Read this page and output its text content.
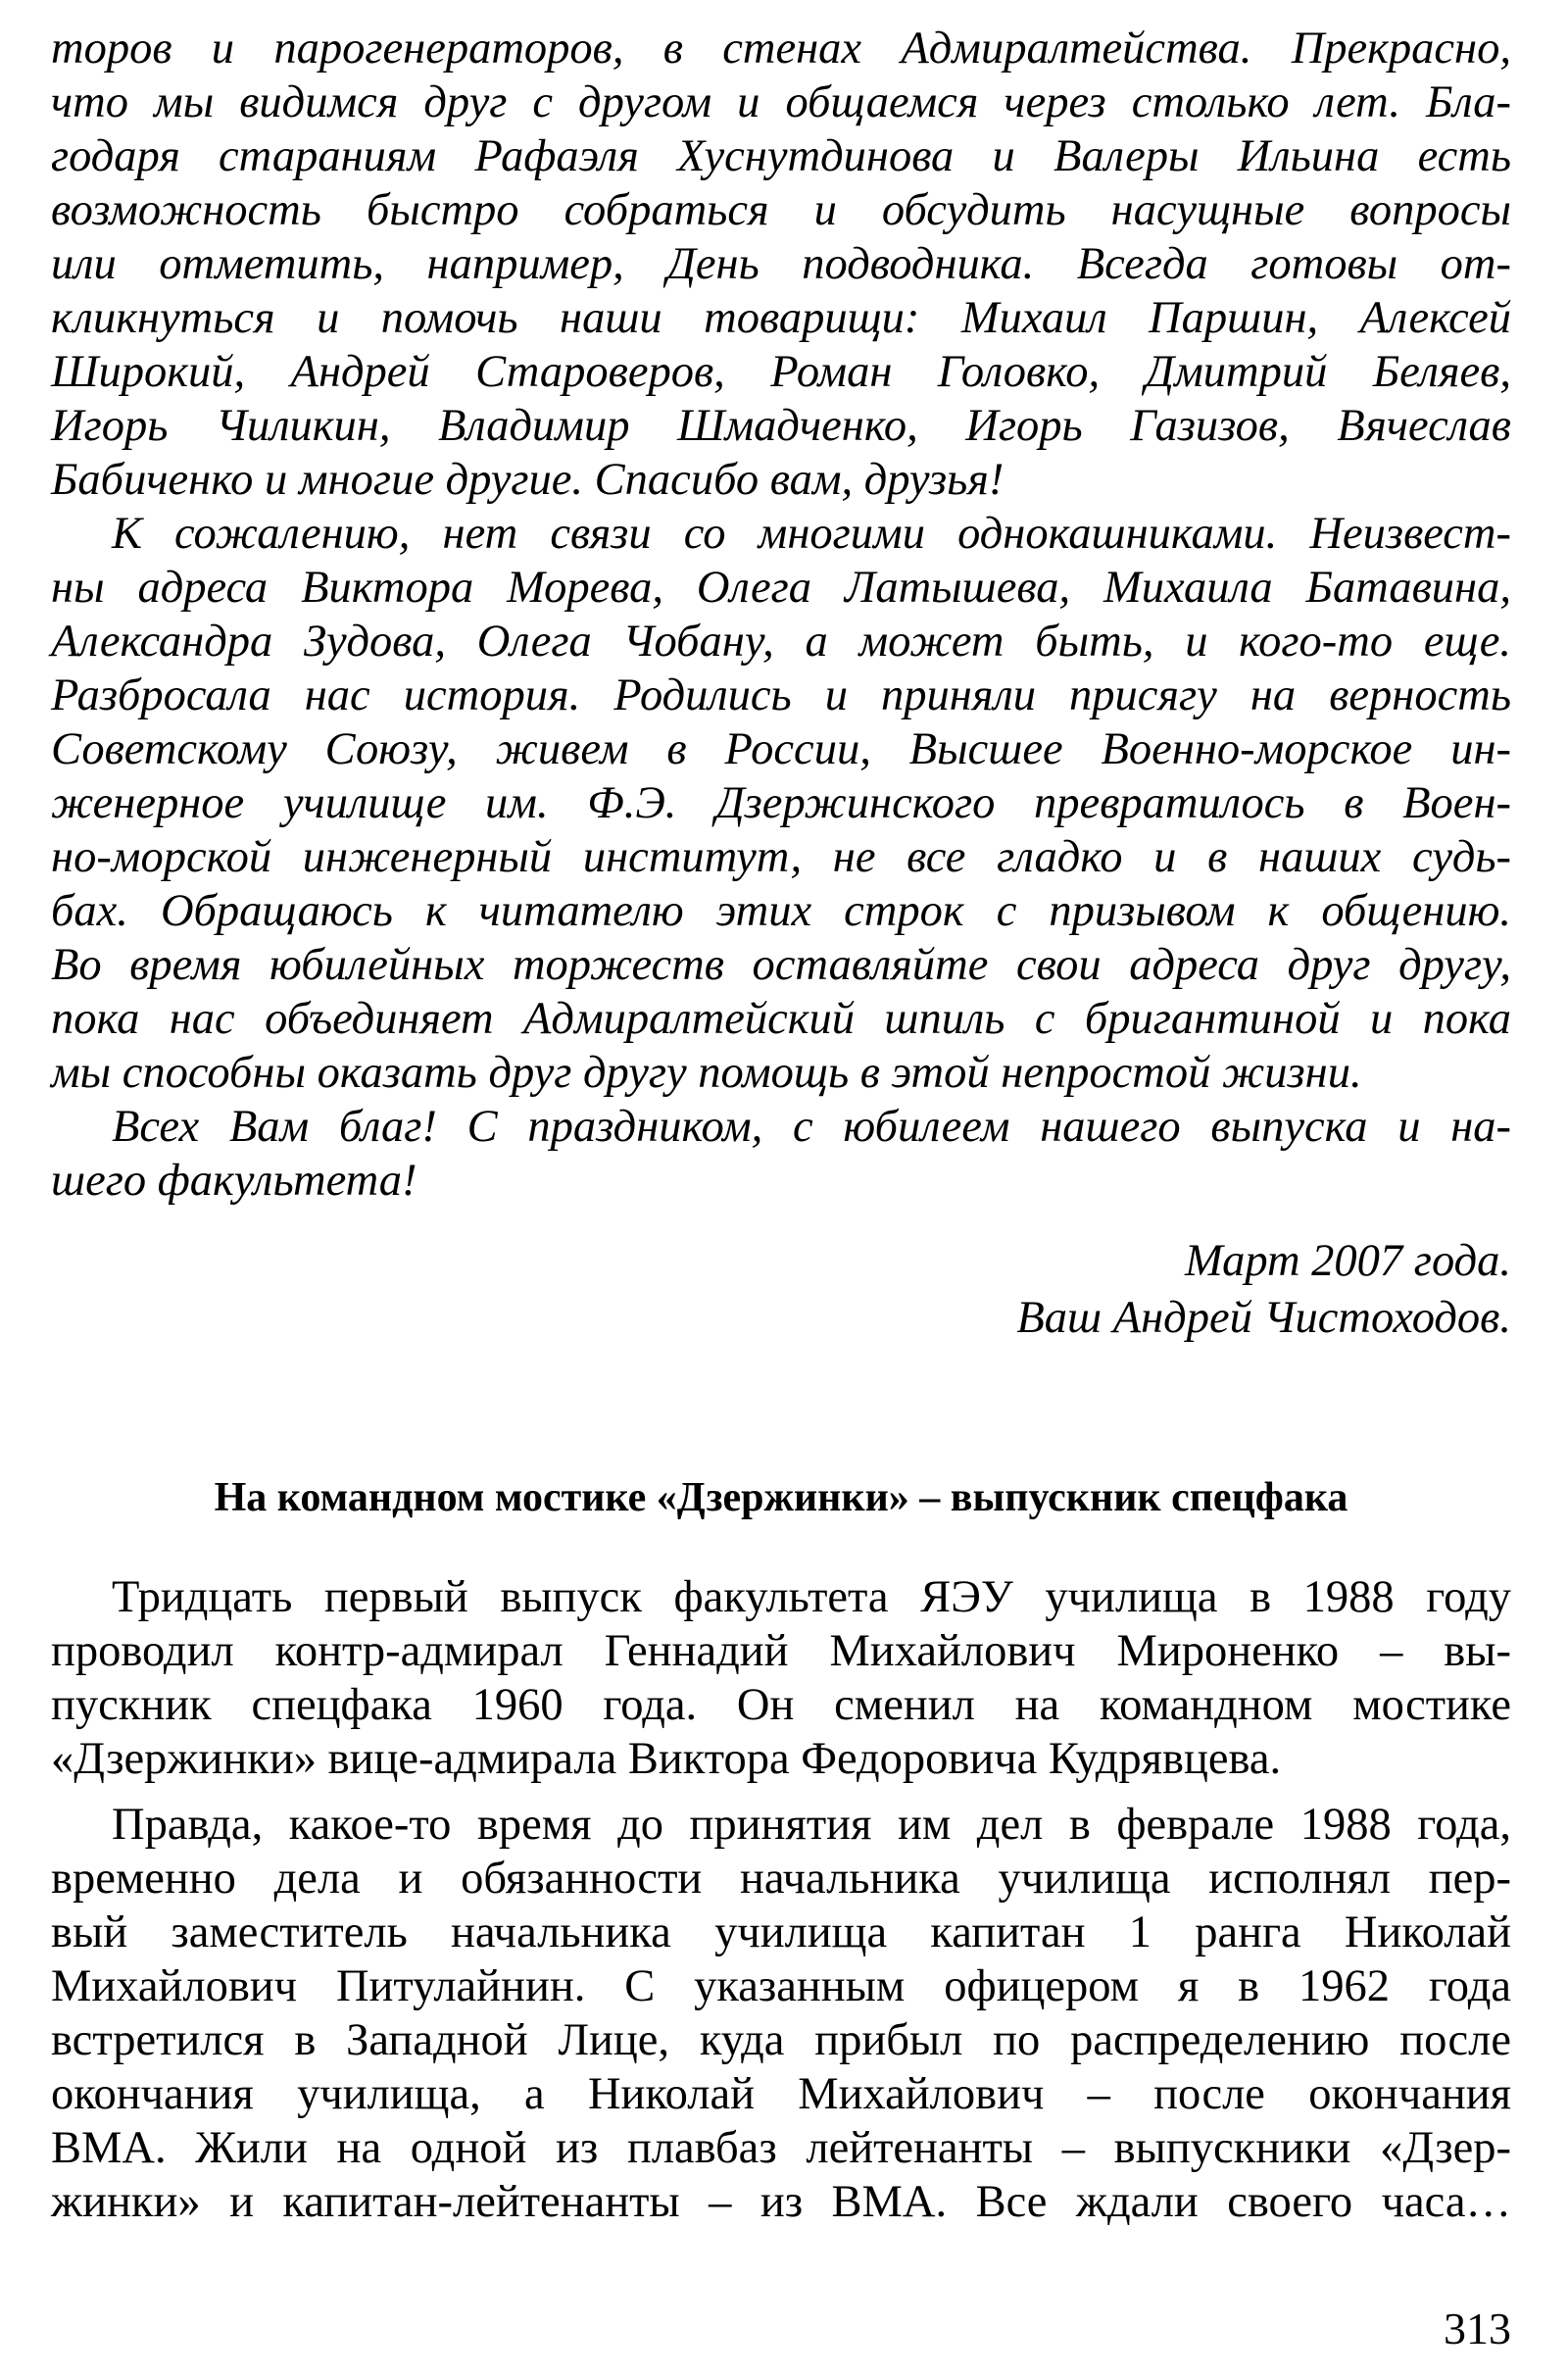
торов и парогенераторов, в стенах Адмиралтейства. Прекрасно,
что мы видимся друг с другом и общаемся через столько лет. Бла-
годаря стараниям Рафаэля Хуснутдинова и Валеры Ильина есть
возможность быстро собраться и обсудить насущные вопросы
или отметить, например, День подводника. Всегда готовы от-
кликнуться и помочь наши товарищи: Михаил Паршин, Алексей
Широкий, Андрей Староверов, Роман Головко, Дмитрий Беляев,
Игорь Чиликин, Владимир Шмадченко, Игорь Газизов, Вячеслав
Бабиченко и многие другие. Спасибо вам, друзья!
К сожалению, нет связи со многими однокашниками. Неизвест-
ны адреса Виктора Морева, Олега Латышева, Михаила Батавина,
Александра Зудова, Олега Чобану, а может быть, и кого-то еще.
Разбросала нас история. Родились и приняли присягу на верность
Советскому Союзу, живем в России, Высшее Военно-морское ин-
женерное училище им. Ф.Э. Дзержинского превратилось в Воен-
но-морской инженерный институт, не все гладко и в наших судь-
бах. Обращаюсь к читателю этих строк с призывом к общению.
Во время юбилейных торжеств оставляйте свои адреса друг другу,
пока нас объединяет Адмиралтейский шпиль с бригантиной и пока
мы способны оказать друг другу помощь в этой непростой жизни.
Всех Вам благ! С праздником, с юбилеем нашего выпуска и на-
шего факультета!
Март 2007 года.
Ваш Андрей Чистоходов.
На командном мостике «Дзержинки» – выпускник спецфака
Тридцать первый выпуск факультета ЯЭУ училища в 1988 году
проводил контр-адмирал Геннадий Михайлович Мироненко – вы-
пускник спецфака 1960 года. Он сменил на командном мостике
«Дзержинки» вице-адмирала Виктора Федоровича Кудрявцева.
Правда, какое-то время до принятия им дел в феврале 1988 года,
временно дела и обязанности начальника училища исполнял пер-
вый заместитель начальника училища капитан 1 ранга Николай
Михайлович Питулайнин. С указанным офицером я в 1962 года
встретился в Западной Лице, куда прибыл по распределению после
окончания училища, а Николай Михайлович – после окончания
ВМА. Жили на одной из плавбаз лейтенанты – выпускники «Дзер-
жинки» и капитан-лейтенанты – из ВМА. Все ждали своего часа…
313
